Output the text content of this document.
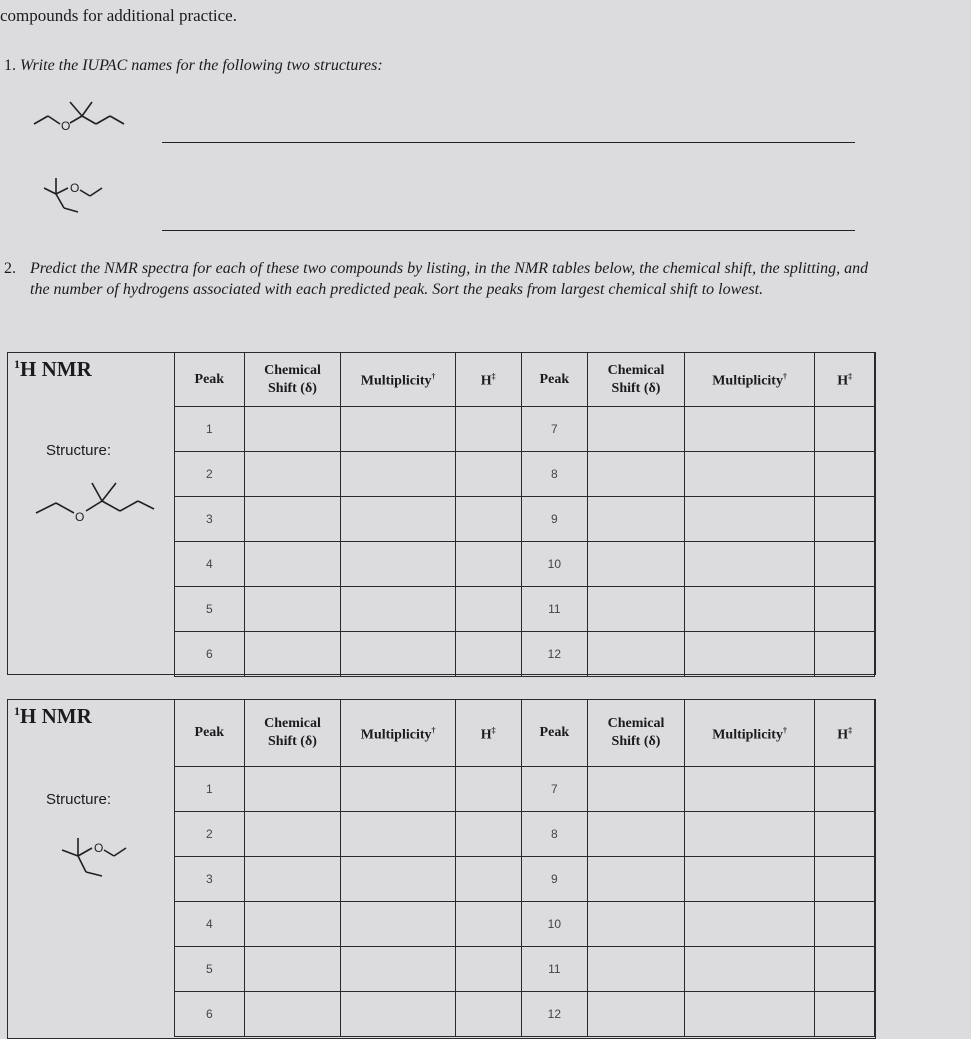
compounds for additional practice.
1. Write the IUPAC names for the following two structures:
O
O
2. Predict the NMR spectra for each of these two compounds by listing, in the NMR tables below, the chemical shift, the splitting, and the number of hydrogens associated with each predicted peak. Sort the peaks from largest chemical shift to lowest.
$^1$H NMR
Structure:
O
Peak	Chemical
Shift (δ)	Multiplicity†	H‡	Peak	Chemical
Shift (δ)	Multiplicity†	H‡
1				7			
2				8			
3				9			
4				10			
5				11			
6				12			
$^1$H NMR
Structure:
O
Peak	Chemical
Shift (δ)	Multiplicity†	H‡	Peak	Chemical
Shift (δ)	Multiplicity†	H‡
1				7			
2				8			
3				9			
4				10			
5				11			
6				12			
